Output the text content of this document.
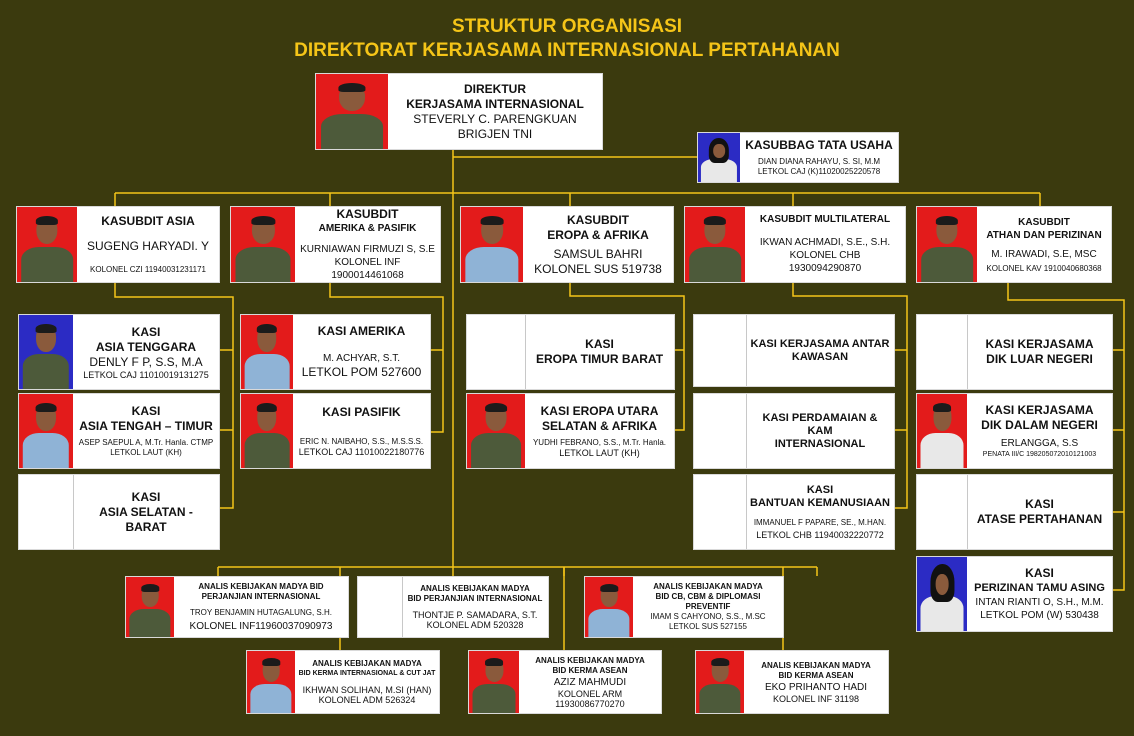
STRUKTUR ORGANISASI
DIREKTORAT KERJASAMA INTERNASIONAL PERTAHANAN
DIREKTUR
KERJASAMA INTERNASIONAL
STEVERLY C. PARENGKUAN
BRIGJEN TNI
KASUBBAG TATA USAHA
DIAN DIANA RAHAYU, S. SI, M.M
LETKOL CAJ (K)11020025220578
KASUBDIT ASIA
SUGENG HARYADI. Y
KOLONEL CZI 11940031231171
KASUBDIT
AMERIKA & PASIFIK
KURNIAWAN FIRMUZI S, S.E
KOLONEL INF 1900014461068
KASUBDIT
EROPA & AFRIKA
SAMSUL BAHRI
KOLONEL SUS 519738
KASUBDIT MULTILATERAL
IKWAN ACHMADI, S.E., S.H.
KOLONEL CHB
1930094290870
KASUBDIT
ATHAN DAN PERIZINAN
M. IRAWADI, S.E, MSC
KOLONEL KAV 1910040680368
KASI
ASIA TENGGARA
DENLY F P, S.S, M.A
LETKOL CAJ 11010019131275
KASI
ASIA TENGAH – TIMUR
ASEP SAEPUL A, M.Tr. Hanla. CTMP
LETKOL LAUT (KH)
KASI
ASIA SELATAN -
BARAT
KASI AMERIKA
M. ACHYAR, S.T.
LETKOL POM 527600
KASI PASIFIK
ERIC N. NAIBAHO, S.S., M.S.S.S.
LETKOL CAJ 11010022180776
KASI
EROPA TIMUR BARAT
KASI EROPA UTARA
SELATAN & AFRIKA
YUDHI FEBRANO, S.S., M.Tr. Hanla.
LETKOL LAUT (KH)
KASI KERJASAMA ANTAR
KAWASAN
KASI PERDAMAIAN & KAM
INTERNASIONAL
KASI
BANTUAN KEMANUSIAAN
IMMANUEL F PAPARE, SE., M.HAN.
LETKOL CHB 11940032220772
KASI KERJASAMA
DIK LUAR NEGERI
KASI KERJASAMA
DIK DALAM NEGERI
ERLANGGA, S.S
PENATA III/C 198205072010121003
KASI
ATASE PERTAHANAN
KASI
PERIZINAN TAMU ASING
INTAN RIANTI O, S.H., M.M.
LETKOL POM (W) 530438
ANALIS KEBIJAKAN MADYA BID
PERJANJIAN INTERNASIONAL
TROY BENJAMIN HUTAGALUNG, S.H.
KOLONEL INF11960037090973
ANALIS KEBIJAKAN MADYA
BID PERJANJIAN INTERNASIONAL
THONTJE P. SAMADARA, S.T.
KOLONEL ADM 520328
ANALIS KEBIJAKAN MADYA
BID CB, CBM & DIPLOMASI
PREVENTIF
IMAM S CAHYONO, S.S., M.SC
LETKOL SUS 527155
ANALIS KEBIJAKAN MADYA
BID KERMA INTERNASIONAL & CUT JAT
IKHWAN SOLIHAN, M.SI (HAN)
KOLONEL ADM 526324
ANALIS KEBIJAKAN MADYA
BID KERMA ASEAN
AZIZ MAHMUDI
KOLONEL ARM 11930086770270
ANALIS KEBIJAKAN MADYA
BID KERMA ASEAN
EKO PRIHANTO HADI
KOLONEL INF 31198
